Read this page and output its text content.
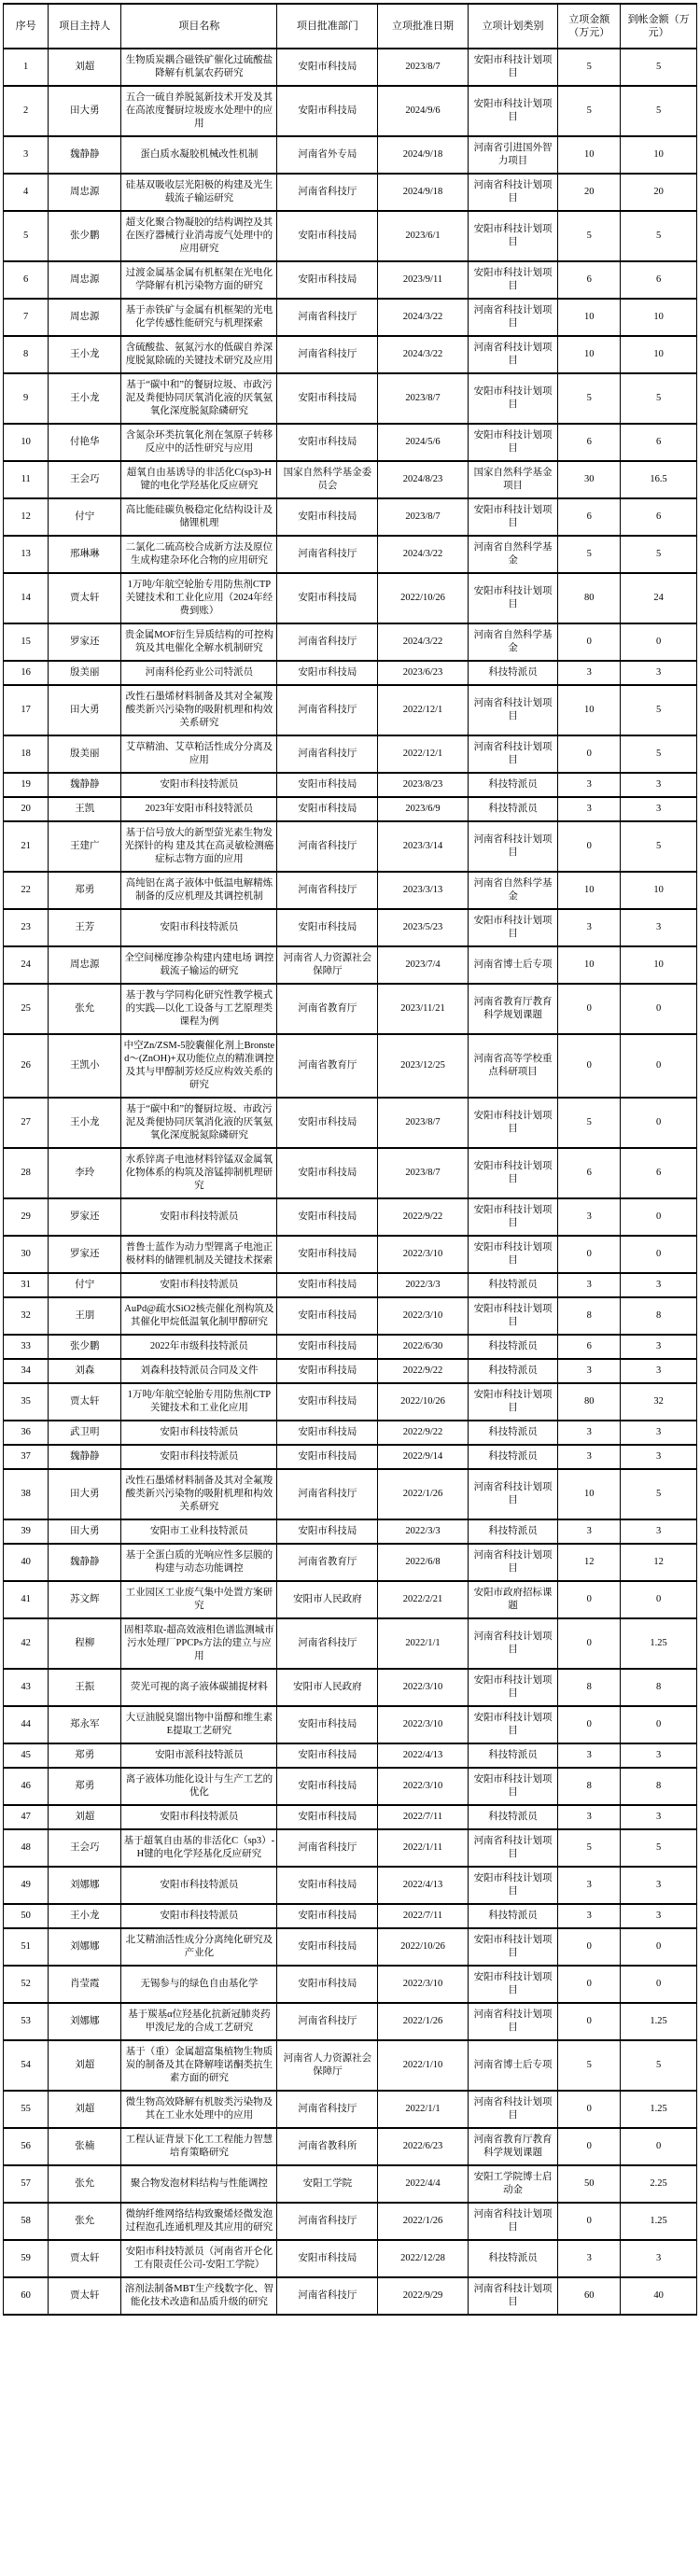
序号	项目主持人	项目名称	项目批准部门	立项批准日期	立项计划类别	立项金额（万元）	到帐金额（万元）
1	刘超	生物质炭耦合磁铁矿催化过硫酸盐降解有机氯农药研究	安阳市科技局	2023/8/7	安阳市科技计划项目	5	5
2	田大勇	五合一硫自养脱氮新技术开发及其在高浓度餐厨垃圾废水处理中的应用	安阳市科技局	2024/9/6	安阳市科技计划项目	5	5
3	魏静静	蛋白质水凝胶机械改性机制	河南省外专局	2024/9/18	河南省引进国外智力项目	10	10
4	周忠源	硅基双吸收层光阳极的构建及光生载流子输运研究	河南省科技厅	2024/9/18	河南省科技计划项目	20	20
5	张少鹏	超支化聚合物凝胶的结构调控及其在医疗器械行业消毒废气处理中的应用研究	安阳市科技局	2023/6/1	安阳市科技计划项目	5	5
6	周忠源	过渡金属基金属有机框架在光电化学降解有机污染物方面的研究	安阳市科技局	2023/9/11	安阳市科技计划项目	6	6
7	周忠源	基于赤铁矿与金属有机框架的光电化学传感性能研究与机理探索	河南省科技厅	2024/3/22	河南省科技计划项目	10	10
8	王小龙	含硫酸盐、氨氮污水的低碳自养深度脱氮除硫的关键技术研究及应用	河南省科技厅	2024/3/22	河南省科技计划项目	10	10
9	王小龙	基于“碳中和”的餐厨垃圾、市政污泥及粪便协同厌氧消化液的厌氧氨氧化深度脱氮除磷研究	安阳市科技局	2023/8/7	安阳市科技计划项目	5	5
10	付艳华	含氮杂环类抗氧化剂在氢原子转移反应中的活性研究与应用	安阳市科技局	2024/5/6	安阳市科技计划项目	6	6
11	王会巧	超氧自由基诱导的非活化C(sp3)-H键的电化学羟基化反应研究	国家自然科学基金委员会	2024/8/23	国家自然科学基金项目	30	16.5
12	付宁	高比能硅碳负极稳定化结构设计及储锂机理	安阳市科技局	2023/8/7	安阳市科技计划项目	6	6
13	邢琳琳	二氯化二硫高校合成新方法及原位生成构建杂环化合物的应用研究	河南省科技厅	2024/3/22	河南省自然科学基金	5	5
14	贾太轩	1万吨/年航空轮胎专用防焦剂CTP关键技术和工业化应用（2024年经费到账）	安阳市科技局	2022/10/26	安阳市科技计划项目	80	24
15	罗家还	贵金属MOF衍生异质结构的可控构筑及其电催化全解水机制研究	河南省科技厅	2024/3/22	河南省自然科学基金	0	0
16	殷美丽	河南科伦药业公司特派员	安阳市科技局	2023/6/23	科技特派员	3	3
17	田大勇	改性石墨烯材料制备及其对全氟羧酸类新兴污染物的吸附机理和构效关系研究	河南省科技厅	2022/12/1	河南省科技计划项目	10	5
18	殷美丽	艾草精油、艾草粕活性成分分离及应用	河南省科技厅	2022/12/1	河南省科技计划项目	0	5
19	魏静静	安阳市科技特派员	安阳市科技局	2023/8/23	科技特派员	3	3
20	王凯	2023年安阳市科技特派员	安阳市科技局	2023/6/9	科技特派员	3	3
21	王建广	基于信号放大的新型萤光素生物发光探针的构 建及其在高灵敏检测癌症标志物方面的应用	河南省科技厅	2023/3/14	河南省科技计划项目	0	5
22	郑勇	高纯铝在离子液体中低温电解精炼制备的反应机理及其调控机制	河南省科技厅	2023/3/13	河南省自然科学基金	10	10
23	王芳	安阳市科技特派员	安阳市科技局	2023/5/23	安阳市科技计划项目	3	3
24	周忠源	全空间梯度掺杂构建内建电场 调控载流子输运的研究	河南省人力资源社会保障厅	2023/7/4	河南省博士后专项	10	10
25	张允	基于教与学同构化研究性教学模式的实践—以化工设备与工艺原理类课程为例	河南省教育厅	2023/11/21	河南省教育厅教育科学规划课题	0	0
26	王凯小	中空Zn/ZSM-5胶囊催化剂上Bronsted～(ZnOH)+双功能位点的精准调控及其与甲醇制芳烃反应构效关系的研究	河南省教育厅	2023/12/25	河南省高等学校重点科研项目	0	0
27	王小龙	基于“碳中和”的餐厨垃圾、市政污泥及粪便协同厌氧消化液的厌氧氨氧化深度脱氮除磷研究	安阳市科技局	2023/8/7	安阳市科技计划项目	5	0
28	李玲	水系锌离子电池材料锌锰双金属氧化物体系的构筑及溶锰抑制机理研究	安阳市科技局	2023/8/7	安阳市科技计划项目	6	6
29	罗家还	安阳市科技特派员	安阳市科技局	2022/9/22	安阳市科技计划项目	3	0
30	罗家还	普鲁士蓝作为动力型锂离子电池正极材料的储锂机制及关键技术探索	安阳市科技局	2022/3/10	安阳市科技计划项目	0	0
31	付宁	安阳市科技特派员	安阳市科技局	2022/3/3	科技特派员	3	3
32	王朋	AuPd@疏水SiO2核壳催化剂构筑及其催化甲烷低温氧化制甲醇研究	安阳市科技局	2022/3/10	安阳市科技计划项目	8	8
33	张少鹏	2022年市级科技特派员	安阳市科技局	2022/6/30	科技特派员	6	3
34	刘森	刘森科技特派员合同及文件	安阳市科技局	2022/9/22	科技特派员	3	3
35	贾太轩	1万吨/年航空轮胎专用防焦剂CTP关键技术和工业化应用	安阳市科技局	2022/10/26	安阳市科技计划项目	80	32
36	武卫明	安阳市科技特派员	安阳市科技局	2022/9/22	科技特派员	3	3
37	魏静静	安阳市科技特派员	安阳市科技局	2022/9/14	科技特派员	3	3
38	田大勇	改性石墨烯材料制备及其对全氟羧酸类新兴污染物的吸附机理和构效关系研究	河南省科技厅	2022/1/26	河南省科技计划项目	10	5
39	田大勇	安阳市工业科技特派员	安阳市科技局	2022/3/3	科技特派员	3	3
40	魏静静	基于全蛋白质的光响应性多层膜的构建与动态功能调控	河南省教育厅	2022/6/8	河南省科技计划项目	12	12
41	苏文辉	工业园区工业废气集中处置方案研究	安阳市人民政府	2022/2/21	安阳市政府招标课题	0	0
42	程柳	固相萃取-超高效液相色谱监测城市污水处理厂PPCPs方法的建立与应用	河南省科技厅	2022/1/1	河南省科技计划项目	0	1.25
43	王振	荧光可视的离子液体碳捕捉材料	安阳市人民政府	2022/3/10	安阳市科技计划项目	8	8
44	郑永军	大豆油脱臭馏出物中甾醇和维生素E提取工艺研究	安阳市科技局	2022/3/10	安阳市科技计划项目	0	0
45	郑勇	安阳市派科技特派员	安阳市科技局	2022/4/13	科技特派员	3	3
46	郑勇	离子液体功能化设计与生产工艺的优化	安阳市科技局	2022/3/10	安阳市科技计划项目	8	8
47	刘超	安阳市科技特派员	安阳市科技局	2022/7/11	科技特派员	3	3
48	王会巧	基于超氧自由基的非活化C（sp3）-H键的电化学羟基化反应研究	河南省科技厅	2022/1/11	河南省科技计划项目	5	5
49	刘娜娜	安阳市科技特派员	安阳市科技局	2022/4/13	安阳市科技计划项目	3	3
50	王小龙	安阳市科技特派员	安阳市科技局	2022/7/11	科技特派员	3	3
51	刘娜娜	北艾精油活性成分分离纯化研究及产业化	安阳市科技局	2022/10/26	安阳市科技计划项目	0	0
52	肖莹霞	无锡参与的绿色自由基化学	安阳市科技局	2022/3/10	安阳市科技计划项目	0	0
53	刘娜娜	基于羰基α位羟基化抗新冠肺炎药甲泼尼龙的合成工艺研究	河南省科技厅	2022/1/26	河南省科技计划项目	0	1.25
54	刘超	基于（重）金属超富集植物生物质炭的制备及其在降解喹诺酮类抗生素方面的研究	河南省人力资源社会保障厅	2022/1/10	河南省博士后专项	5	5
55	刘超	微生物高效降解有机胺类污染物及其在工业水处理中的应用	河南省科技厅	2022/1/1	河南省科技计划项目	0	1.25
56	张楠	工程认证背景下化工工程能力智慧培育策略研究	河南省教科所	2022/6/23	河南省教育厅教育科学规划课题	0	0
57	张允	聚合物发泡材料结构与性能调控	安阳工学院	2022/4/4	安阳工学院博士启动金	50	2.25
58	张允	微纳纤维网络结构致聚烯烃微发泡过程泡孔连通机理及其应用的研究	河南省科技厅	2022/1/26	河南省科技计划项目	0	1.25
59	贾太轩	安阳市科技特派员（河南省开仑化工有限责任公司-安阳工学院）	安阳市科技局	2022/12/28	科技特派员	3	3
60	贾太轩	溶剂法制备MBT生产线数字化、智能化技术改造和品质升级的研究	河南省科技厅	2022/9/29	河南省科技计划项目	60	40
